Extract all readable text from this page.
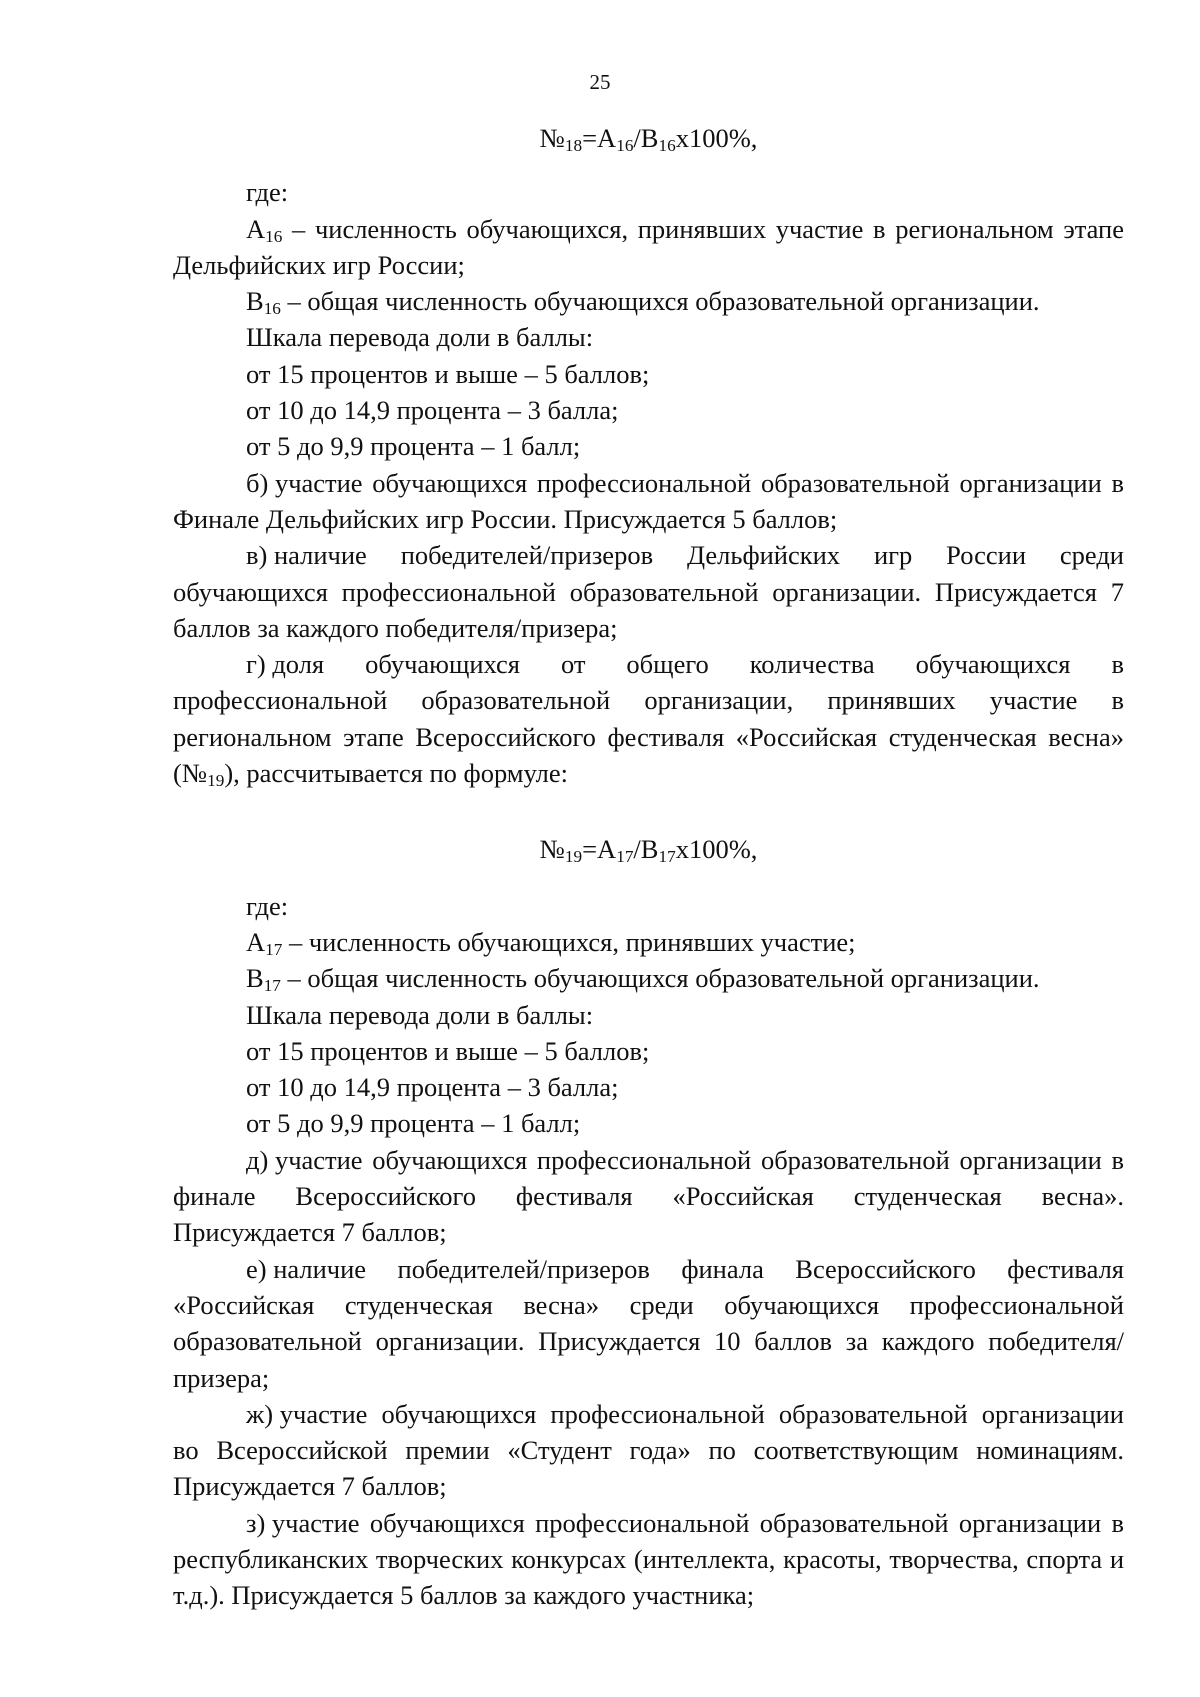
25

$№_{18}=A_{16}/B_{16}x100\%$,

где:

$A_{16}$ – численность обучающихся, принявших участие в региональном этапе Дельфийских игр России;

$B_{16}$ – общая численность обучающихся образовательной организации.

Шкала перевода доли в баллы:

от 15 процентов и выше – 5 баллов;

от 10 до 14,9 процента – 3 балла;

от 5 до 9,9 процента – 1 балл;

б) участие обучающихся профессиональной образовательной организации в Финале Дельфийских игр России. Присуждается 5 баллов;

в) наличие победителей/призеров Дельфийских игр России среди обучающихся профессиональной образовательной организации. Присуждается 7 баллов за каждого победителя/призера;

г) доля обучающихся от общего количества обучающихся в профессиональной образовательной организации, принявших участие в региональном этапе Всероссийского фестиваля «Российская студенческая весна» $(№_{19})$, рассчитывается по формуле:

$№_{19}=A_{17}/B_{17}x100\%$,

где:

$A_{17}$ – численность обучающихся, принявших участие;

$B_{17}$ – общая численность обучающихся образовательной организации.

Шкала перевода доли в баллы:

от 15 процентов и выше – 5 баллов;

от 10 до 14,9 процента – 3 балла;

от 5 до 9,9 процента – 1 балл;

д) участие обучающихся профессиональной образовательной организации в финале Всероссийского фестиваля «Российская студенческая весна». Присуждается 7 баллов;

е) наличие победителей/призеров финала Всероссийского фестиваля «Российская студенческая весна» среди обучающихся профессиональной образовательной организации. Присуждается 10 баллов за каждого победителя/призера;

ж) участие обучающихся профессиональной образовательной организации во Всероссийской премии «Студент года» по соответствующим номинациям. Присуждается 7 баллов;

з) участие обучающихся профессиональной образовательной организации в республиканских творческих конкурсах (интеллекта, красоты, творчества, спорта и т.д.). Присуждается 5 баллов за каждого участника;
